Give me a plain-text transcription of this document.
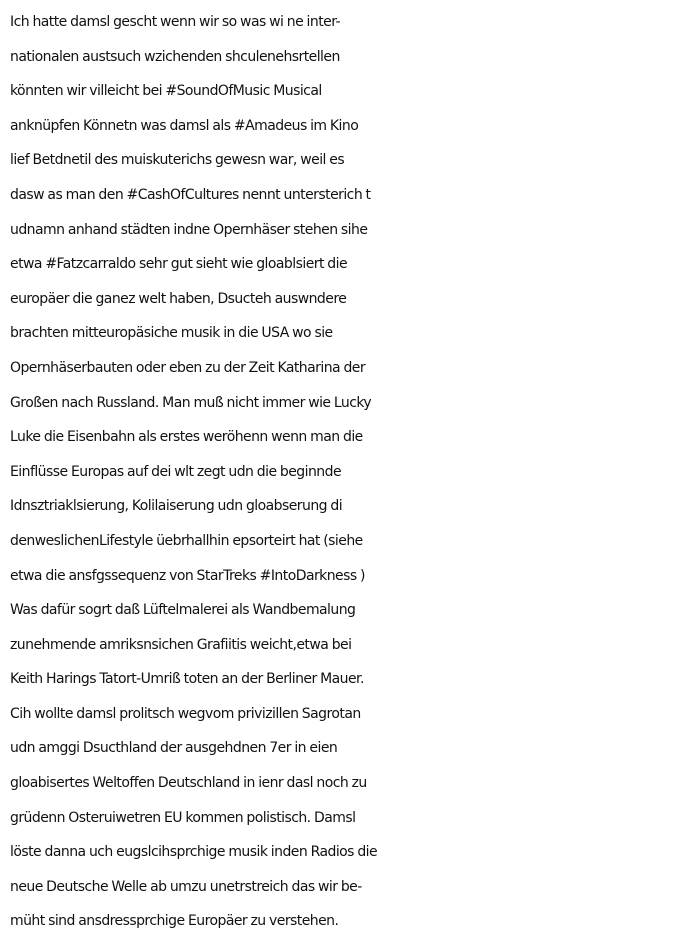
Ich hatte damsl gescht wenn wir so was wi ne inter-
nationalen austsuch wzichenden shculenehsrtellen
könnten wir villeicht bei #SoundOfMusic Musical
anknüpfen Könnetn was damsl als #Amadeus im Kino
lief Betdnetil des muiskuterichs gewesn war, weil es
dasw as man den #CashOfCultures nennt untersterich t
udnamn anhand städten indne Opernhäser stehen sihe
etwa #Fatzcarraldo sehr gut sieht wie gloablsiert die
europäer die ganez welt haben, Dsucteh auswndere
brachten mitteuropäsiche musik in die USA wo sie
Opernhäserbauten oder eben zu der Zeit Katharina der
Großen nach Russland. Man muß nicht immer wie Lucky
Luke die Eisenbahn als erstes weröhenn wenn man die
Einflüsse Europas auf dei wlt zegt udn die beginnde
Idnsztriaklsierung, Kolilaiserung udn gloabserung di
denweslichenLifestyle üebrhallhin epsorteirt hat (siehe
etwa die ansfgssequenz von StarTreks #IntoDarkness )
Was dafür sogrt daß Lüftelmalerei als Wandbemalung
zunehmende amriksnsichen Grafiitis weicht,etwa bei
Keith Harings Tatort-Umriß toten an der Berliner Mauer.
Cih wollte damsl prolitsch wegvom privizillen Sagrotan
udn amggi Dsucthland der ausgehdnen 7er in eien
gloabisertes Weltoffen Deutschland in ienr dasl noch zu
grüdenn Osteruiwetren EU kommen polistisch. Damsl
löste danna uch eugslcihsprchige musik inden Radios die
neue Deutsche Welle ab umzu unetrstreich das wir be-
müht sind ansdressprchige Europäer zu verstehen.
